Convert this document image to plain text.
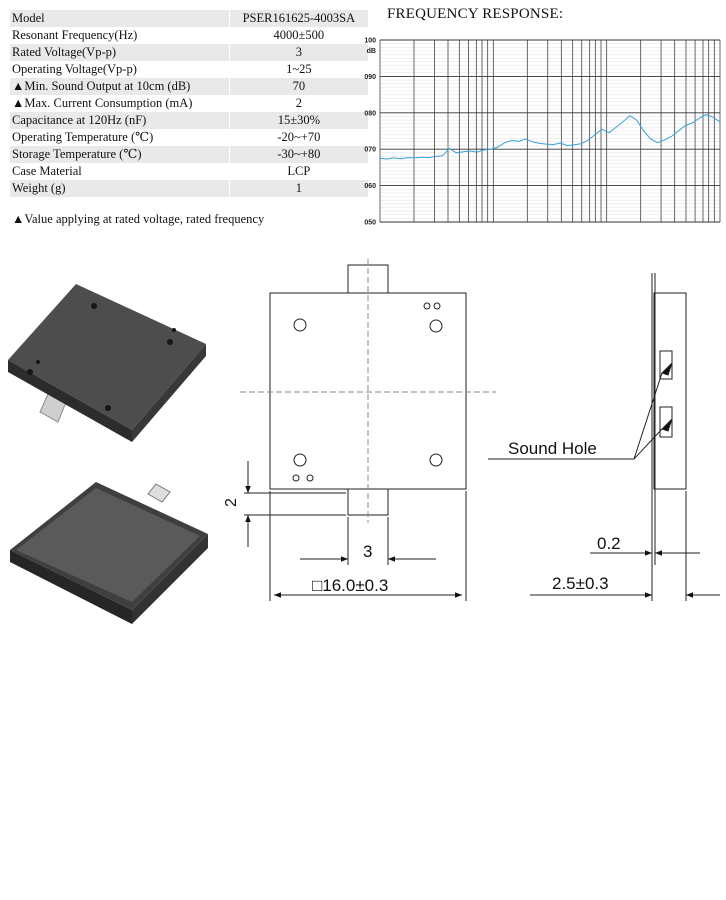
Model	PSER161625-4003SA
Resonant Frequency(Hz)	4000±500
Rated Voltage(Vp-p)	3
Operating Voltage(Vp-p)	1~25
▲Min. Sound Output at 10cm (dB)	70
▲Max. Current Consumption (mA)	2
Capacitance at 120Hz (nF)	15±30%
Operating Temperature (℃)	-20~+70
Storage Temperature (℃)	-30~+80
Case Material	LCP
Weight (g)	1
▲Value applying at rated voltage, rated frequency
FREQUENCY RESPONSE:
100
090
080
070
060
050
dB
Sound Hole
2
3
□16.0±0.3
0.2
2.5±0.3
